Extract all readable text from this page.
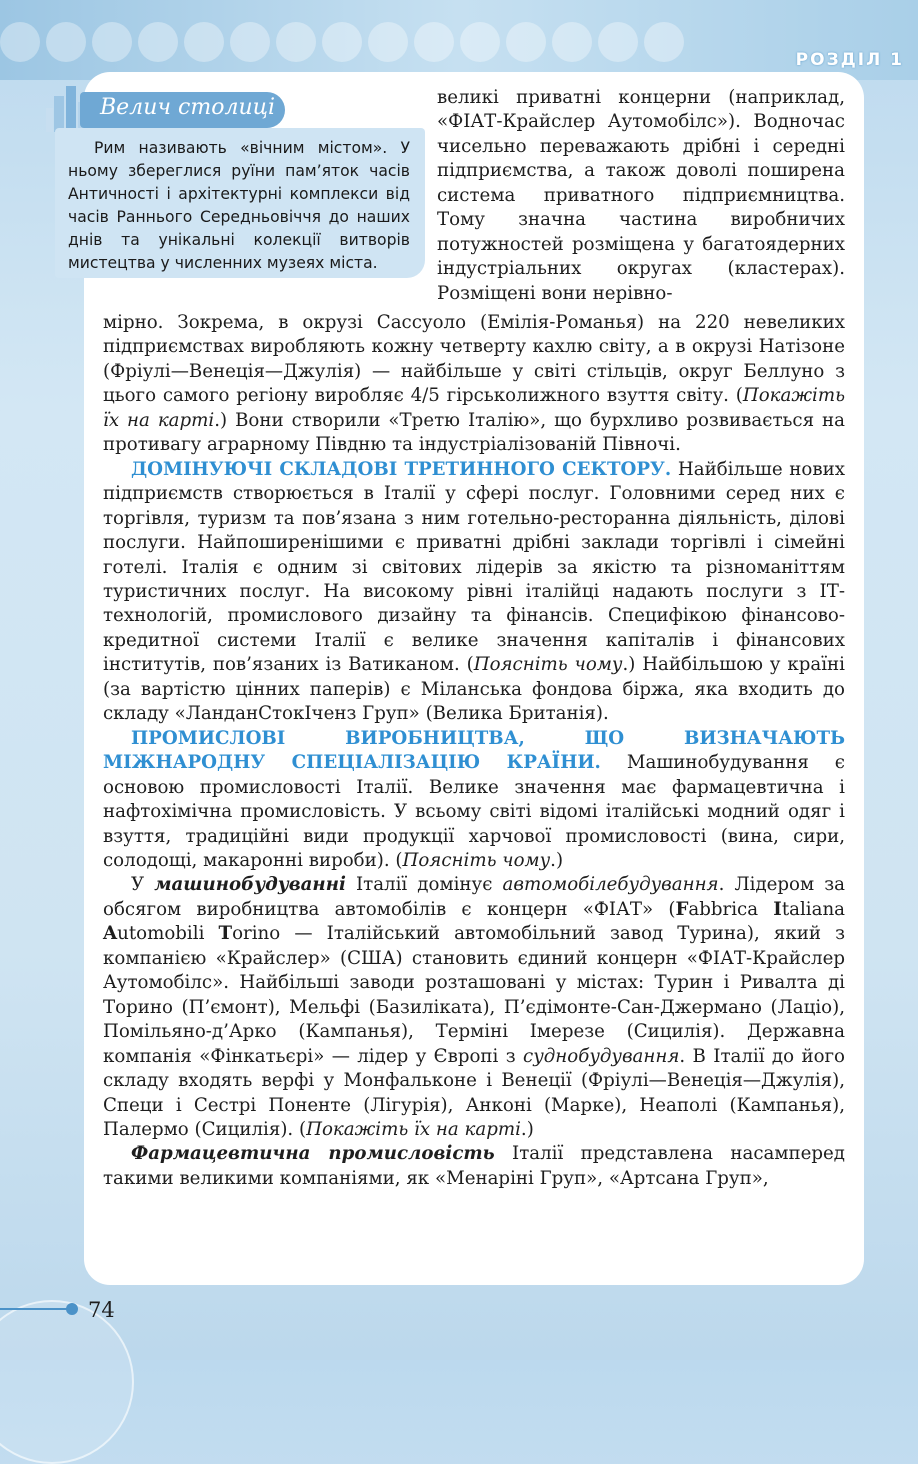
РОЗДІЛ 1
Велич столиці
Рим називають «вічним містом». У ньому збереглися руїни пам’яток часів Античності і архітектурні комплекси від часів Раннього Середньовіччя до наших днів та унікальні колекції витворів мистецтва у численних музеях міста.

великі приватні концерни (наприклад, «ФІАТ-Крайслер Аутомобілс»). Водночас чисельно переважають дрібні і середні підприємства, а також доволі поширена система приватного підприємництва. Тому значна частина виробничих потужностей розміщена у багатоядерних індустріальних округах (кластерах). Розміщені вони нерівно-

мірно. Зокрема, в окрузі Сассуоло (Емілія-Романья) на 220 невеликих підприємствах виробляють кожну четверту кахлю світу, а в окрузі Натізоне (Фріулі—Венеція—Джулія) — найбільше у світі стільців, округ Беллуно з цього самого регіону виробляє 4/5 гірськолижного взуття світу. (Покажіть їх на карті.) Вони створили «Третю Італію», що бурхливо розвивається на противагу аграрному Півдню та індустріалізованій Півночі.

ДОМІНУЮЧІ СКЛАДОВІ ТРЕТИННОГО СЕКТОРУ. Найбільше нових підприємств створюється в Італії у сфері послуг. Головними серед них є торгівля, туризм та пов’язана з ним готельно-ресторанна діяльність, ділові послуги. Найпоширенішими є приватні дрібні заклади торгівлі і сімейні готелі. Італія є одним зі світових лідерів за якістю та різноманіттям туристичних послуг. На високому рівні італійці надають послуги з ІТ-технологій, промислового дизайну та фінансів. Специфікою фінансово-кредитної системи Італії є велике значення капіталів і фінансових інститутів, пов’язаних із Ватиканом. (Поясніть чому.) Найбільшою у країні (за вартістю цінних паперів) є Міланська фондова біржа, яка входить до складу «ЛанданСтокІченз Груп» (Велика Британія).

ПРОМИСЛОВІ ВИРОБНИЦТВА, ЩО ВИЗНАЧАЮТЬ МІЖНАРОДНУ СПЕЦІАЛІЗАЦІЮ КРАЇНИ. Машинобудування є основою промисловості Італії. Велике значення має фармацевтична і нафтохімічна промисловість. У всьому світі відомі італійські модний одяг і взуття, традиційні види продукції харчової промисловості (вина, сири, солодощі, макаронні вироби). (Поясніть чому.)

У машинобудуванні Італії домінує автомобілебудування. Лідером за обсягом виробництва автомобілів є концерн «ФІАТ» (Fabbrica Italiana Automobili Torino — Італійський автомобільний завод Турина), який з компанією «Крайслер» (США) становить єдиний концерн «ФІАТ-Крайслер Аутомобілс». Найбільші заводи розташовані у містах: Турин і Ривалта ді Торино (П’ємонт), Мельфі (Базиліката), П’єдімонте-Сан-Джермано (Лаціо), Помільяно-д’Арко (Кампанья), Терміні Імерезе (Сицилія). Державна компанія «Фінкатьєрі» — лідер у Європі з суднобудування. В Італії до його складу входять верфі у Монфальконе і Венеції (Фріулі—Венеція—Джулія), Специ і Сестрі Поненте (Лігурія), Анконі (Марке), Неаполі (Кампанья), Палермо (Сицилія). (Покажіть їх на карті.)

Фармацевтична промисловість Італії представлена насамперед такими великими компаніями, як «Менаріні Груп», «Артсана Груп»,

74
